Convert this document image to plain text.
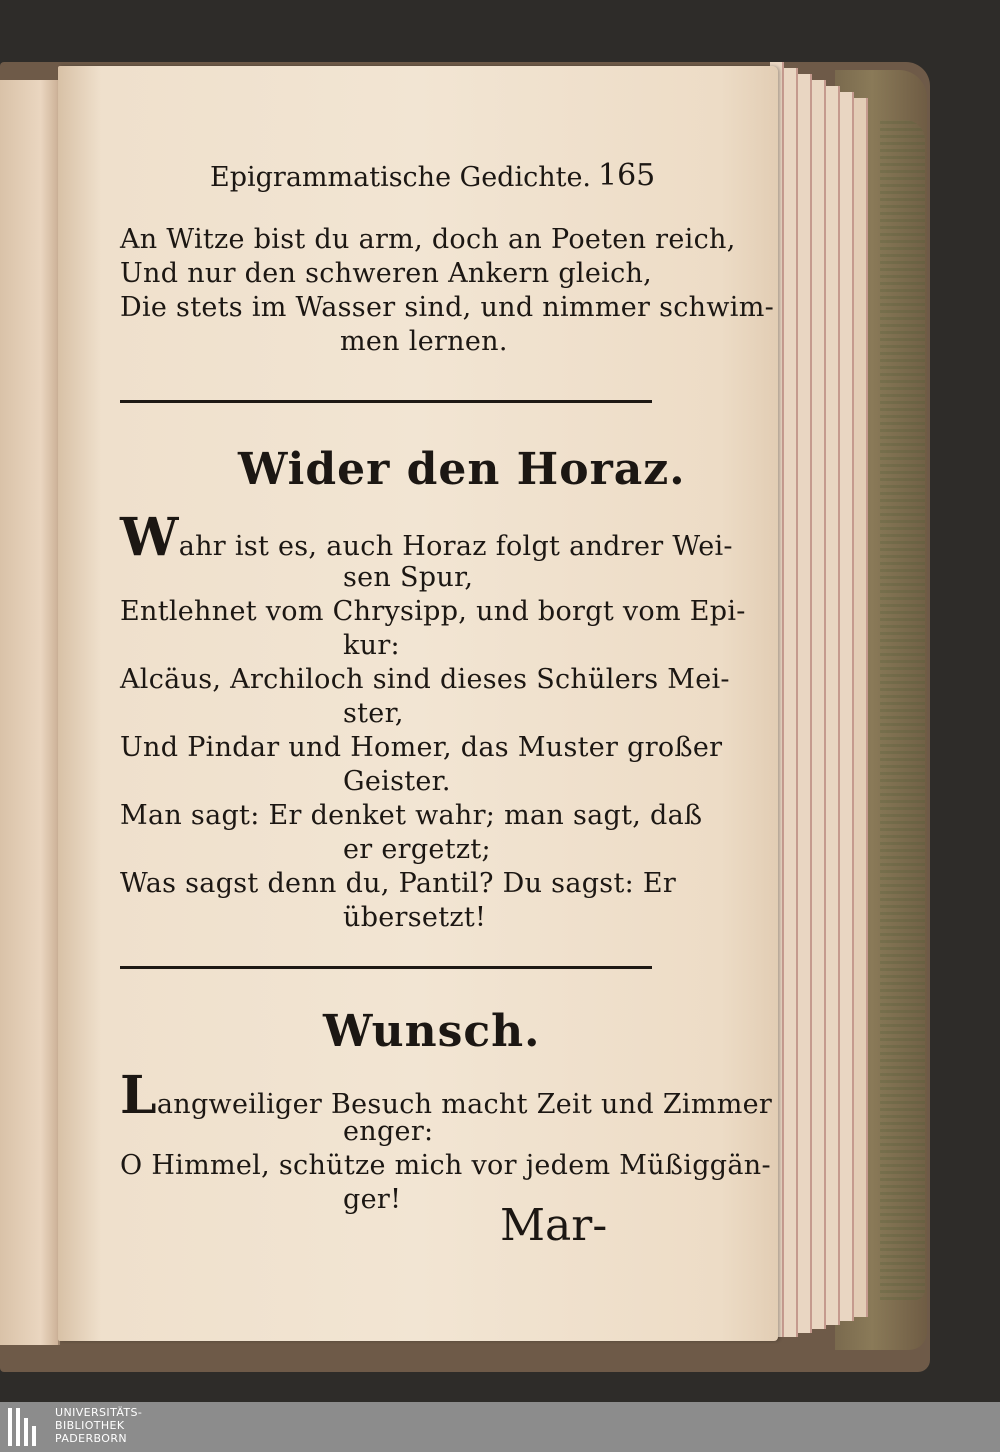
Epigrammatische Gedichte. 165
An Witze bist du arm, doch an Poeten reich,
Und nur den schweren Ankern gleich,
Die stets im Wasser sind, und nimmer schwim-
men lernen.
Wider den Horaz.
Wahr ist es, auch Horaz folgt andrer Wei-
sen Spur,
Entlehnet vom Chrysipp, und borgt vom Epi-
kur:
Alcäus, Archiloch sind dieses Schülers Mei-
ster,
Und Pindar und Homer, das Muster großer
Geister.
Man sagt: Er denket wahr; man sagt, daß
er ergetzt;
Was sagst denn du, Pantil? Du sagst: Er
übersetzt!
Wunsch.
Langweiliger Besuch macht Zeit und Zimmer
enger:
O Himmel, schütze mich vor jedem Müßiggän-
ger!
Mar-
UNIVERSITÄTS-
BIBLIOTHEK
PADERBORN
